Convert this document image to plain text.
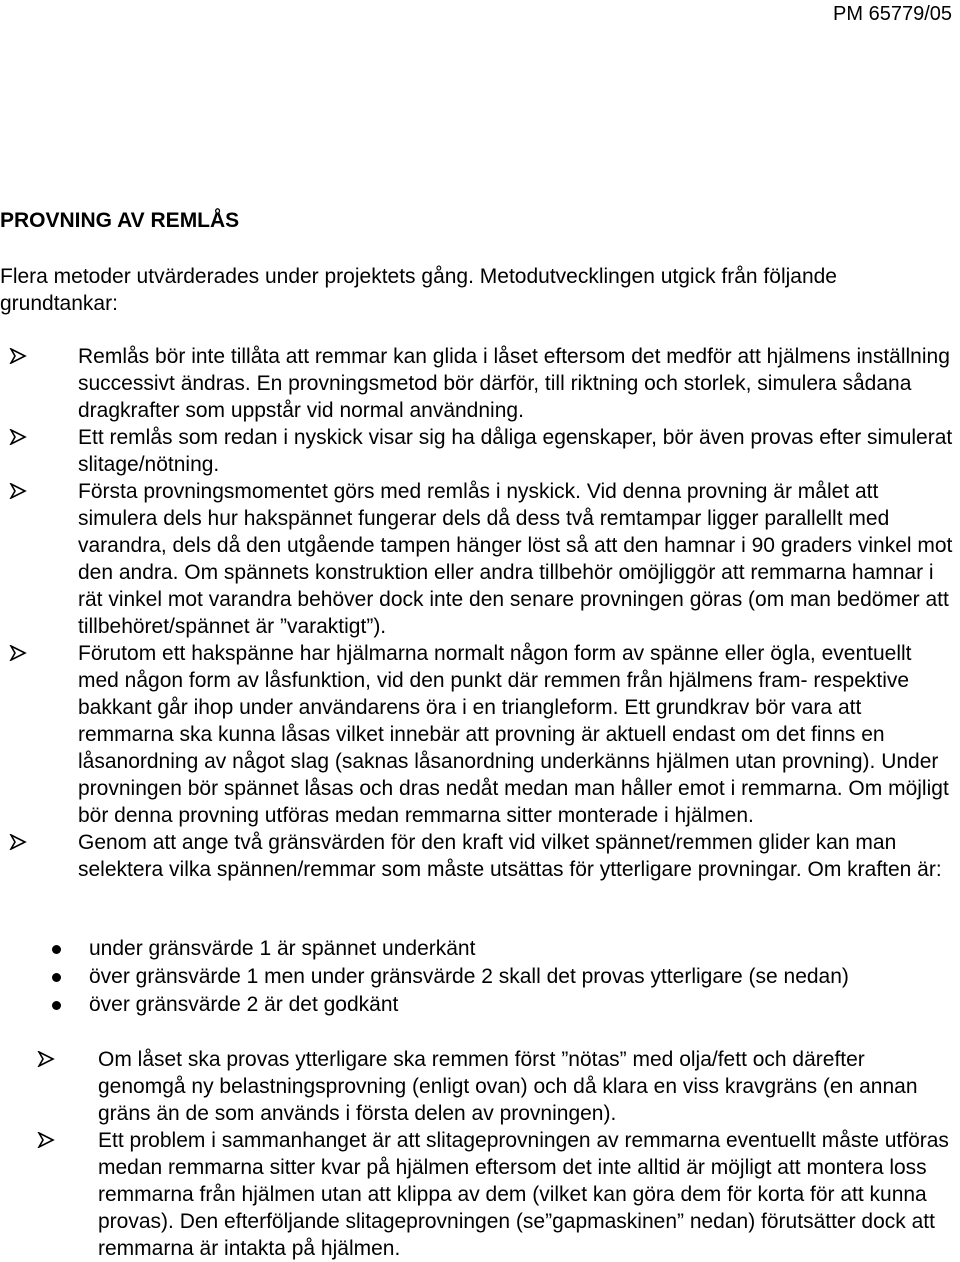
PM 65779/05
PROVNING AV REMLÅS

Flera metoder utvärderades under projektets gång. Metodutvecklingen utgick från följande grundtankar:

Remlås bör inte tillåta att remmar kan glida i låset eftersom det medför att hjälmens inställning successivt ändras. En provningsmetod bör därför, till riktning och storlek, simulera sådana dragkrafter som uppstår vid normal användning.
Ett remlås som redan i nyskick visar sig ha dåliga egenskaper, bör även provas efter simulerat slitage/nötning.
Första provningsmomentet görs med remlås i nyskick. Vid denna provning är målet att simulera dels hur hakspännet fungerar dels då dess två remtampar ligger parallellt med varandra, dels då den utgående tampen hänger löst så att den hamnar i 90 graders vinkel mot den andra. Om spännets konstruktion eller andra tillbehör omöjliggör att remmarna hamnar i rät vinkel mot varandra behöver dock inte den senare provningen göras (om man bedömer att tillbehöret/spännet är ”varaktigt”).
Förutom ett hakspänne har hjälmarna normalt någon form av spänne eller ögla, eventuellt med någon form av låsfunktion, vid den punkt där remmen från hjälmens fram- respektive bakkant går ihop under användarens öra i en triangleform. Ett grundkrav bör vara att remmarna ska kunna låsas vilket innebär att provning är aktuell endast om det finns en låsanordning av något slag (saknas låsanordning underkänns hjälmen utan provning). Under provningen bör spännet låsas och dras nedåt medan man håller emot i remmarna. Om möjligt bör denna provning utföras medan remmarna sitter monterade i hjälmen.
Genom att ange två gränsvärden för den kraft vid vilket spännet/remmen glider kan man selektera vilka spännen/remmar som måste utsättas för ytterligare provningar. Om kraften är:
under gränsvärde 1 är spännet underkänt
över gränsvärde 1 men under gränsvärde 2 skall det provas ytterligare (se nedan)
över gränsvärde 2 är det godkänt
Om låset ska provas ytterligare ska remmen först ”nötas” med olja/fett och därefter genomgå ny belastningsprovning (enligt ovan) och då klara en viss kravgräns (en annan gräns än de som används i första delen av provningen).
Ett problem i sammanhanget är att slitageprovningen av remmarna eventuellt måste utföras medan remmarna sitter kvar på hjälmen eftersom det inte alltid är möjligt att montera loss remmarna från hjälmen utan att klippa av dem (vilket kan göra dem för korta för att kunna provas). Den efterföljande slitageprovningen (se”gapmaskinen” nedan) förutsätter dock att remmarna är intakta på hjälmen.
